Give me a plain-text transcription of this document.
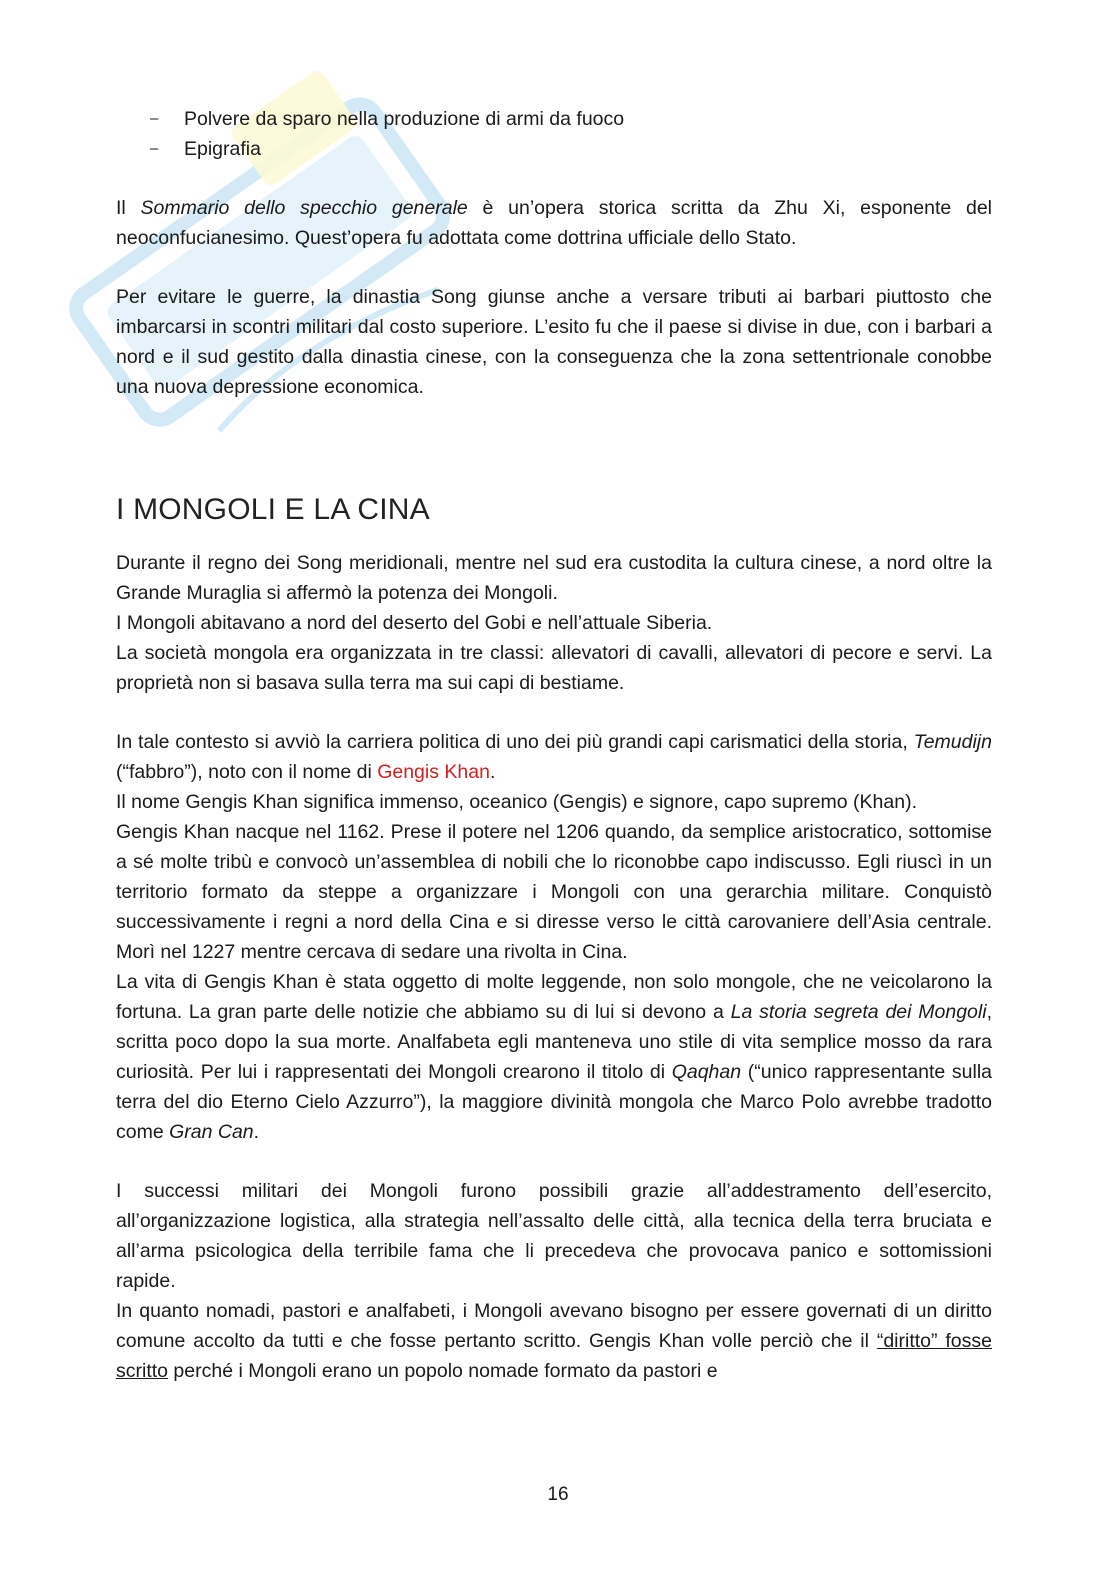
– Polvere da sparo nella produzione di armi da fuoco
– Epigrafia

Il Sommario dello specchio generale è un’opera storica scritta da Zhu Xi, esponente del neoconfucianesimo. Quest’opera fu adottata come dottrina ufficiale dello Stato.

Per evitare le guerre, la dinastia Song giunse anche a versare tributi ai barbari piuttosto che imbarcarsi in scontri militari dal costo superiore. L’esito fu che il paese si divise in due, con i barbari a nord e il sud gestito dalla dinastia cinese, con la conseguenza che la zona settentrionale conobbe una nuova depressione economica.

I MONGOLI E LA CINA

Durante il regno dei Song meridionali, mentre nel sud era custodita la cultura cinese, a nord oltre la Grande Muraglia si affermò la potenza dei Mongoli.

I Mongoli abitavano a nord del deserto del Gobi e nell’attuale Siberia.

La società mongola era organizzata in tre classi: allevatori di cavalli, allevatori di pecore e servi. La proprietà non si basava sulla terra ma sui capi di bestiame.

In tale contesto si avviò la carriera politica di uno dei più grandi capi carismatici della storia, Temudijn (“fabbro”), noto con il nome di Gengis Khan.

Il nome Gengis Khan significa immenso, oceanico (Gengis) e signore, capo supremo (Khan).

Gengis Khan nacque nel 1162. Prese il potere nel 1206 quando, da semplice aristocratico, sottomise a sé molte tribù e convocò un’assemblea di nobili che lo riconobbe capo indiscusso. Egli riuscì in un territorio formato da steppe a organizzare i Mongoli con una gerarchia militare. Conquistò successivamente i regni a nord della Cina e si diresse verso le città carovaniere dell’Asia centrale. Morì nel 1227 mentre cercava di sedare una rivolta in Cina.

La vita di Gengis Khan è stata oggetto di molte leggende, non solo mongole, che ne veicolarono la fortuna. La gran parte delle notizie che abbiamo su di lui si devono a La storia segreta dei Mongoli, scritta poco dopo la sua morte. Analfabeta egli manteneva uno stile di vita semplice mosso da rara curiosità. Per lui i rappresentati dei Mongoli crearono il titolo di Qaqhan (“unico rappresentante sulla terra del dio Eterno Cielo Azzurro”), la maggiore divinità mongola che Marco Polo avrebbe tradotto come Gran Can.

I successi militari dei Mongoli furono possibili grazie all’addestramento dell’esercito, all’organizzazione logistica, alla strategia nell’assalto delle città, alla tecnica della terra bruciata e all’arma psicologica della terribile fama che li precedeva che provocava panico e sottomissioni rapide.

In quanto nomadi, pastori e analfabeti, i Mongoli avevano bisogno per essere governati di un diritto comune accolto da tutti e che fosse pertanto scritto. Gengis Khan volle perciò che il “diritto” fosse scritto perché i Mongoli erano un popolo nomade formato da pastori e

16
